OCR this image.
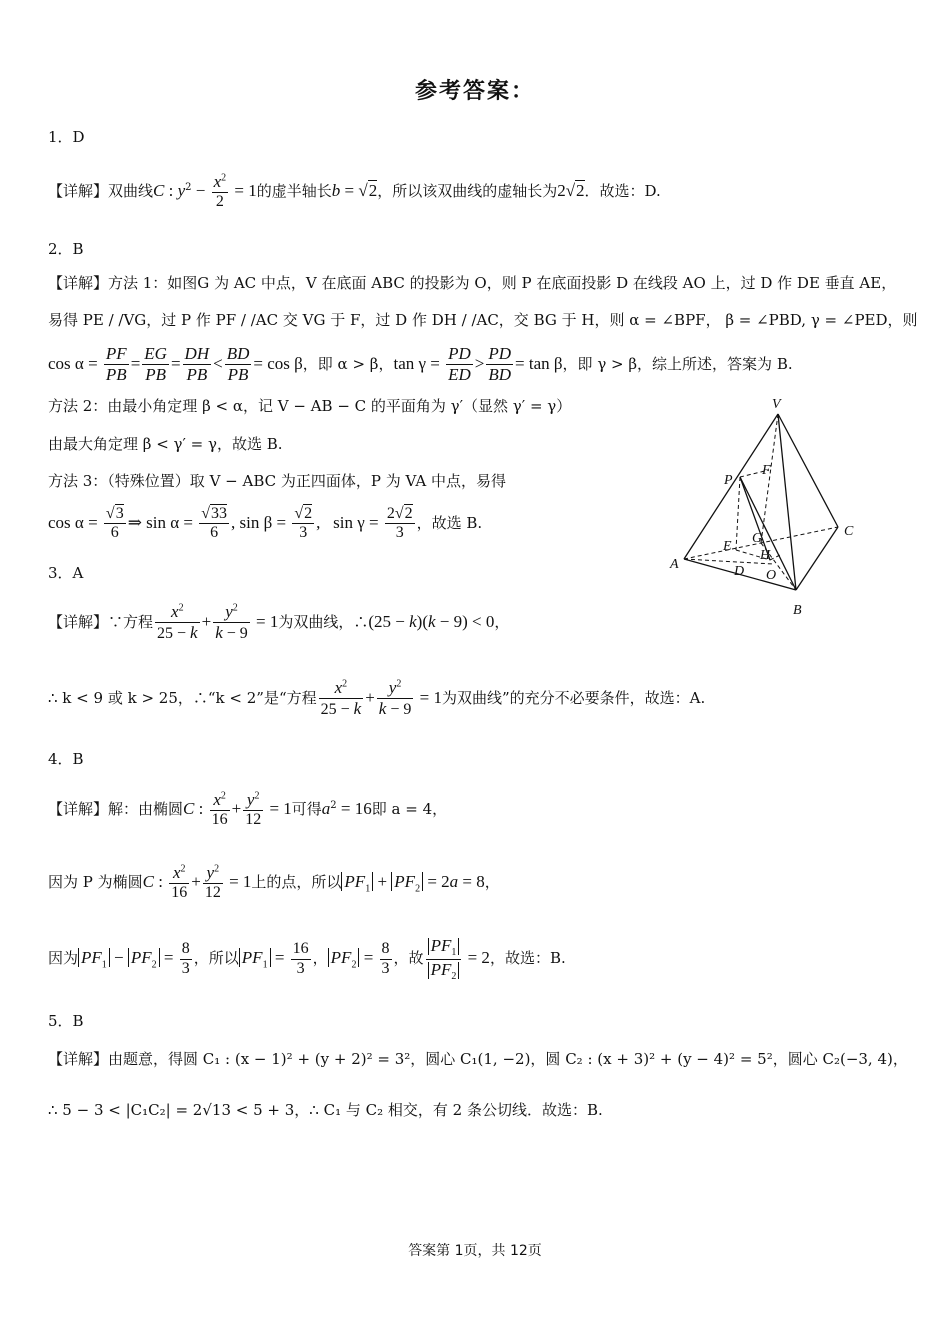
参考答案：
1．D
【详解】双曲线C : $y^2 - \frac{x^2}{2} = 1$的虚半轴长b = √2，所以该双曲线的虚轴长为2√2．故选：D.
2．B
【详解】方法 1：如图G 为 AC 中点，V 在底面 ABC 的投影为 O，则 P 在底面投影 D 在线段 AO 上，过 D 作 DE 垂直 AE，
易得 PE / /VG，过 P 作 PF / /AC 交 VG 于 F，过 D 作 DH / /AC，交 BG 于 H，则 α = ∠BPF， β = ∠PBD, γ = ∠PED，则
$\cos \alpha = \frac{PF}{PB} = \frac{EG}{PB} = \frac{DH}{PB} < \frac{BD}{PB} = \cos \beta$，即 α > β，$\tan \gamma = \frac{PD}{ED} > \frac{PD}{BD} = \tan \beta$，即 γ > β，综上所述，答案为 B.
方法 2：由最小角定理 β < α，记 V − AB − C 的平面角为 γ′（显然 γ′ = γ）
由最大角定理 β < γ′ = γ，故选 B.
方法 3：（特殊位置）取 V − ABC 为正四面体，P 为 VA 中点，易得
$\cos \alpha = \frac{√3}{6}$ ⇒ $\sin \alpha = \frac{√33}{6}$ , $\sin \beta = \frac{√2}{3}$ ,   $\sin \gamma = \frac{2√2}{3}$ ，故选 B.
V
P
F
G
H
E
D O
A
B
C
3．A
【详解】∵方程 $\frac{x^2}{25 - k} + \frac{y^2}{k - 9} = 1$为双曲线，∴(25 − k)(k − 9) < 0，
∴ k < 9 或 k > 25，∴“k < 2”是“方程 $\frac{x^2}{25 - k} + \frac{y^2}{k - 9} = 1$为双曲线”的充分不必要条件，故选：A.
4．B
【详解】解：由椭圆C : $\frac{x^2}{16} + \frac{y^2}{12} = 1$可得$a^2 = 16$即 a = 4，
因为 P 为椭圆C : $\frac{x^2}{16} + \frac{y^2}{12} = 1$上的点，所以 $PF_1 + PF_2 = 2a = 8$，
因为 $PF_1 - PF_2 = \frac{8}{3}$ ，所以 $PF_1 = \frac{16}{3}$ ， $PF_2 = \frac{8}{3}$ ，故 $\frac{PF_1}{PF_2} = 2$，故选：B.
5．B
【详解】由题意，得圆 C₁ : (x − 1)² + (y + 2)² = 3²，圆心 C₁(1, −2)，圆 C₂ : (x + 3)² + (y − 4)² = 5²，圆心 C₂(−3, 4)，
∴ 5 − 3 < |C₁C₂| = 2√13 < 5 + 3，∴ C₁ 与 C₂ 相交，有 2 条公切线．故选：B.
答案第 1页，共 12页
